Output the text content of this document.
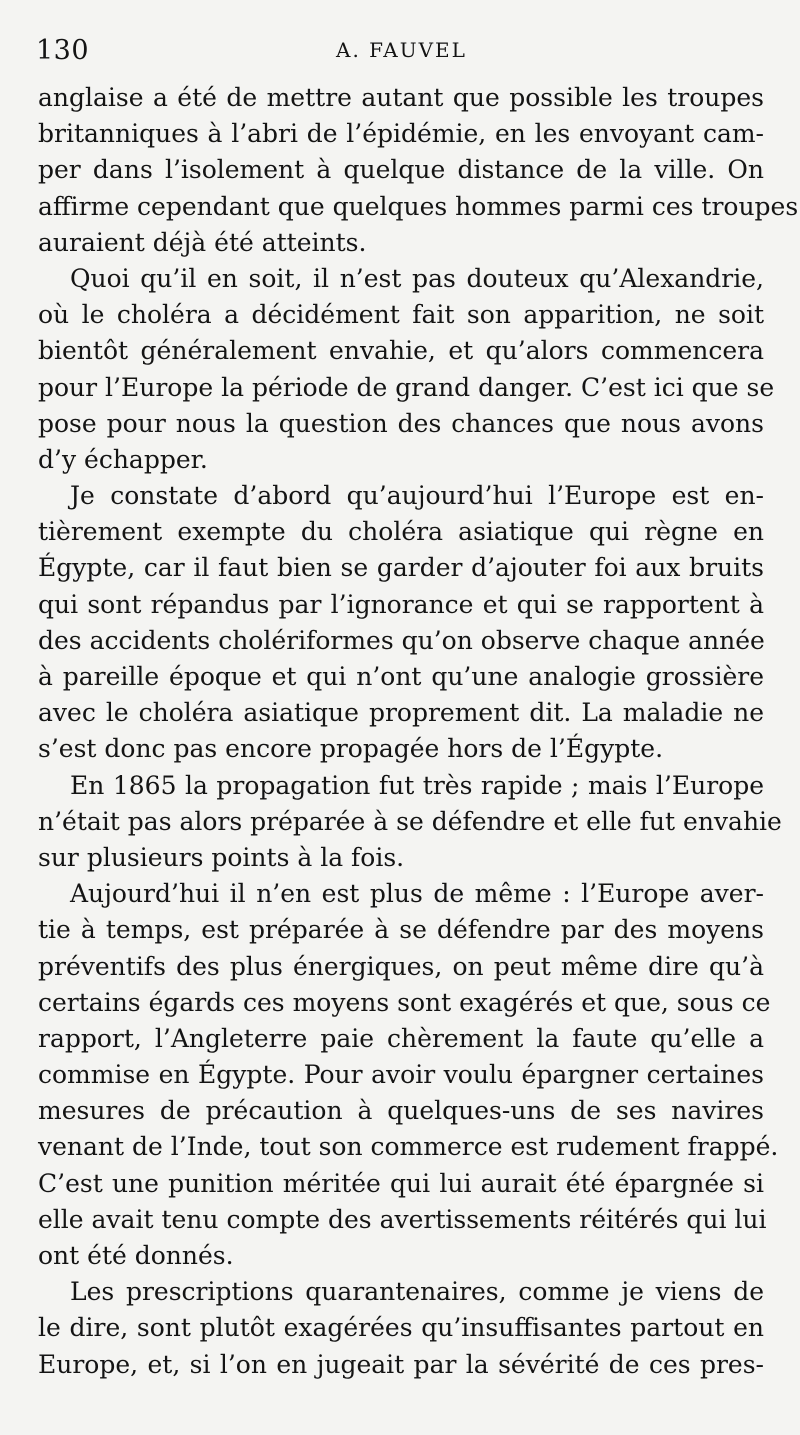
130	A. FAUVEL
anglaise a été de mettre autant que possible les troupes
britanniques à l’abri de l’épidémie, en les envoyant cam-
per dans l’isolement à quelque distance de la ville. On
affirme cependant que quelques hommes parmi ces troupes
auraient déjà été atteints.
Quoi qu’il en soit, il n’est pas douteux qu’Alexandrie,
où le choléra a décidément fait son apparition, ne soit
bientôt généralement envahie, et qu’alors commencera
pour l’Europe la période de grand danger. C’est ici que se
pose pour nous la question des chances que nous avons
d’y échapper.
Je constate d’abord qu’aujourd’hui l’Europe est en-
tièrement exempte du choléra asiatique qui règne en
Égypte, car il faut bien se garder d’ajouter foi aux bruits
qui sont répandus par l’ignorance et qui se rapportent à
des accidents cholériformes qu’on observe chaque année
à pareille époque et qui n’ont qu’une analogie grossière
avec le choléra asiatique proprement dit. La maladie ne
s’est donc pas encore propagée hors de l’Égypte.
En 1865 la propagation fut très rapide ; mais l’Europe
n’était pas alors préparée à se défendre et elle fut envahie
sur plusieurs points à la fois.
Aujourd’hui il n’en est plus de même : l’Europe aver-
tie à temps, est préparée à se défendre par des moyens
préventifs des plus énergiques, on peut même dire qu’à
certains égards ces moyens sont exagérés et que, sous ce
rapport, l’Angleterre paie chèrement la faute qu’elle a
commise en Égypte. Pour avoir voulu épargner certaines
mesures de précaution à quelques-uns de ses navires
venant de l’Inde, tout son commerce est rudement frappé.
C’est une punition méritée qui lui aurait été épargnée si
elle avait tenu compte des avertissements réitérés qui lui
ont été donnés.
Les prescriptions quarantenaires, comme je viens de
le dire, sont plutôt exagérées qu’insuffisantes partout en
Europe, et, si l’on en jugeait par la sévérité de ces pres-
